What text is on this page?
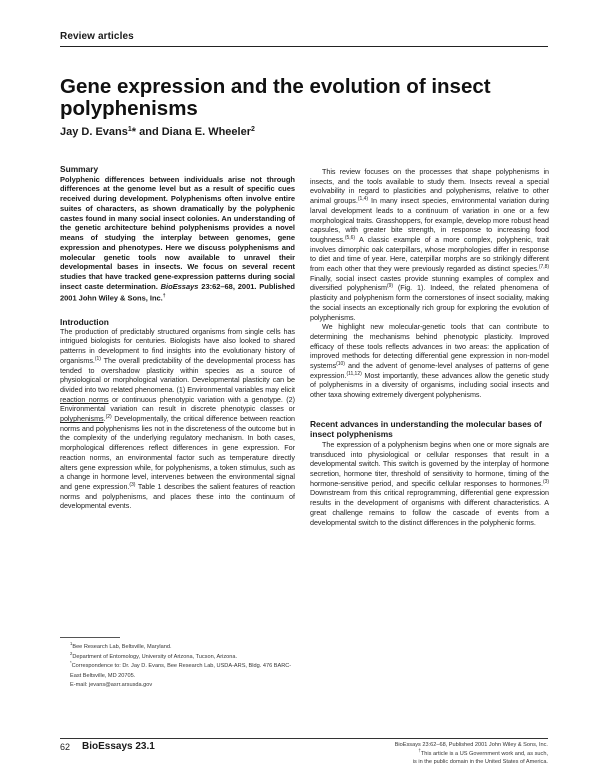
Review articles
Gene expression and the evolution of insect polyphenisms
Jay D. Evans$^1$* and Diana E. Wheeler$^2$
Summary

Polyphenic differences between individuals arise not through differences at the genome level but as a result of specific cues received during development. Polyphenisms often involve entire suites of characters, as shown dramatically by the polyphenic castes found in many social insect colonies. An understanding of the genetic architecture behind polyphenisms provides a novel means of studying the interplay between genomes, gene expression and phenotypes. Here we discuss polyphenisms and molecular genetic tools now available to unravel their developmental bases in insects. We focus on several recent studies that have tracked gene-expression patterns during social insect caste determination. BioEssays 23:62–68, 2001. Published 2001 John Wiley & Sons, Inc.†

Introduction

The production of predictably structured organisms from single cells has intrigued biologists for centuries. Biologists have also looked to shared patterns in development to find insights into the evolutionary history of organisms.$^{(1)}$ The overall predictability of the developmental process has tended to overshadow plasticity within species as a source of physiological or morphological variation. Developmental plasticity can be divided into two related phenomena. (1) Environmental variables may elicit reaction norms or continuous phenotypic variation with a genotype. (2) Environmental variation can result in discrete phenotypic classes or polyphenisms.$^{(2)}$ Developmentally, the critical difference between reaction norms and polyphenisms lies not in the discreteness of the outcome but in the complexity of the underlying regulatory mechanism. In both cases, morphological differences reflect differences in gene expression. For reaction norms, an environmental factor such as temperature directly alters gene expression while, for polyphenisms, a token stimulus, such as a change in hormone level, intervenes between the environmental signal and gene expression.$^{(3)}$ Table 1 describes the salient features of reaction norms and polyphenisms, and places these into the continuum of developmental events.

$^1$Bee Research Lab, Beltsville, Maryland.
$^2$Department of Entomology, University of Arizona, Tucson, Arizona.
*Correspondence to: Dr. Jay D. Evans, Bee Research Lab, USDA-ARS, Bldg. 476 BARC-East Beltsville, MD 20705.
E-mail: jevans@asrr.arsusda.gov

This review focuses on the processes that shape polyphenisms in insects, and the tools available to study them. Insects reveal a special evolvability in regard to plasticities and polyphenisms, relative to other animal groups.$^{(1,4)}$ In many insect species, environmental variation during larval development leads to a continuum of variation in one or a few morphological traits. Grasshoppers, for example, develop more robust head capsules, with greater bite strength, in response to increasing food toughness.$^{(5,6)}$ A classic example of a more complex, polyphenic, trait involves dimorphic oak caterpillars, whose morphologies differ in response to diet and time of year. Here, caterpillar morphs are so strikingly different from each other that they were previously regarded as distinct species.$^{(7,8)}$ Finally, social insect castes provide stunning examples of complex and diversified polyphenism$^{(9)}$ (Fig. 1). Indeed, the related phenomena of plasticity and polyphenism form the cornerstones of insect sociality, making the social insects an exceptionally rich group for exploring the evolution of polyphenisms.

We highlight new molecular-genetic tools that can contribute to determining the mechanisms behind phenotypic plasticity. Improved efficacy of these tools reflects advances in two areas: the application of improved methods for detecting differential gene expression in non-model systems$^{(10)}$ and the advent of genome-level analyses of patterns of gene expression.$^{(11,12)}$ Most importantly, these advances allow the genetic study of polyphenisms in a diversity of organisms, including social insects and other taxa showing extremely divergent polyphenisms.

Recent advances in understanding the molecular bases of insect polyphenisms

The expression of a polyphenism begins when one or more signals are transduced into physiological or cellular responses that result in a developmental switch. This switch is governed by the interplay of hormone secretion, hormone titer, threshold of sensitivity to hormone, timing of the hormone-sensitive period, and specific cellular responses to hormones.$^{(3)}$ Downstream from this critical reprogramming, differential gene expression results in the development of organisms with different characteristics. A great challenge remains to follow the cascade of events from a developmental switch to the distinct differences in the polyphenic forms.

62 BioEssays 23.1	BioEssays 23:62–68, Published 2001 John Wiley & Sons, Inc.
†This article is a US Government work and, as such,
is in the public domain in the United States of America.
